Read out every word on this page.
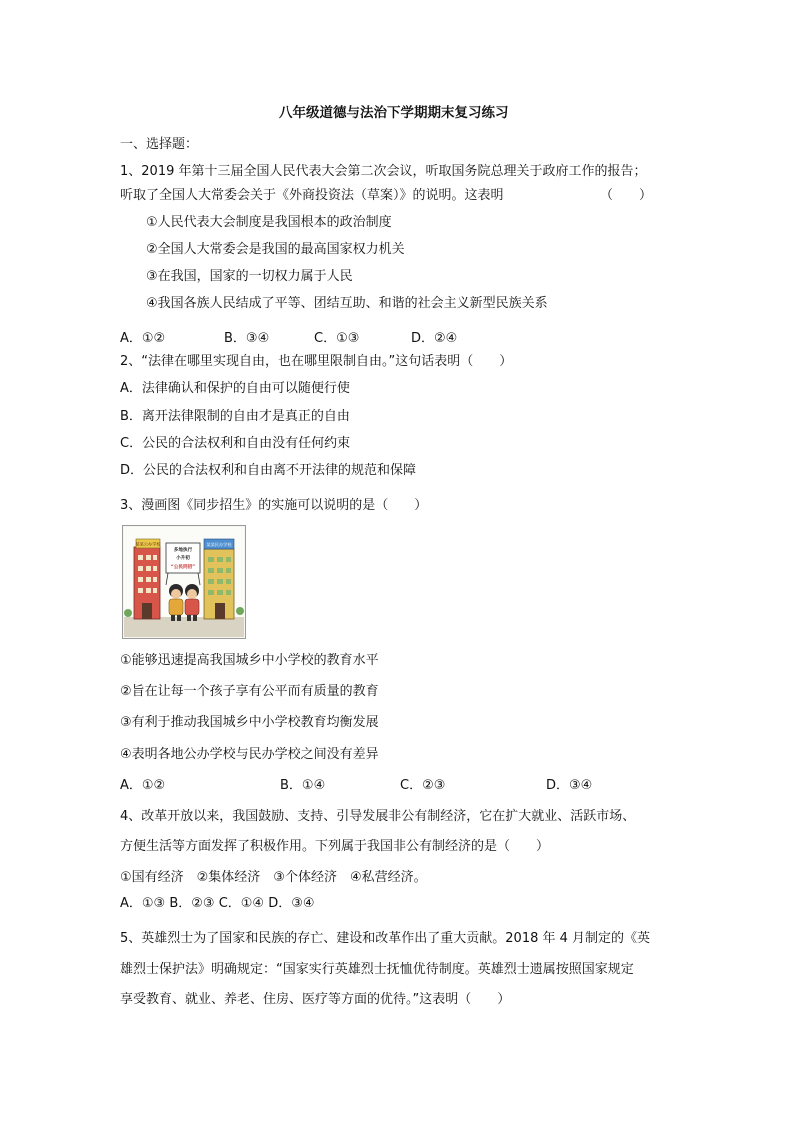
八年级道德与法治下学期期末复习练习
一、选择题：
1、2019 年第十三届全国人民代表大会第二次会议，听取国务院总理关于政府工作的报告；
听取了全国人大常委会关于《外商投资法（草案）》的说明。这表明	（　　）
①人民代表大会制度是我国根本的政治制度
②全国人大常委会是我国的最高国家权力机关
③在我国，国家的一切权力属于人民
④我国各族人民结成了平等、团结互助、和谐的社会主义新型民族关系
A．①②	B．③④	C．①③	D．②④
2、“法律在哪里实现自由，也在哪里限制自由。”这句话表明（　　）
A．法律确认和保护的自由可以随便行使
B．离开法律限制的自由才是真正的自由
C．公民的合法权利和自由没有任何约束
D．公民的合法权利和自由离不开法律的规范和保障
3、漫画图《同步招生》的实施可以说明的是（　　）
某某公办学校	某某民办学校
多地执行
小升初
“公民同招”
①能够迅速提高我国城乡中小学校的教育水平
②旨在让每一个孩子享有公平而有质量的教育
③有利于推动我国城乡中小学校教育均衡发展
④表明各地公办学校与民办学校之间没有差异
A．①②	B．①④	C．②③	D．③④
4、改革开放以来，我国鼓励、支持、引导发展非公有制经济，它在扩大就业、活跃市场、
方便生活等方面发挥了积极作用。下列属于我国非公有制经济的是（　　）
①国有经济　②集体经济　③个体经济　④私营经济。
A．①③ B．②③ C．①④ D．③④
5、英雄烈士为了国家和民族的存亡、建设和改革作出了重大贡献。2018 年 4 月制定的《英
雄烈士保护法》明确规定：“国家实行英雄烈士抚恤优待制度。英雄烈士遗属按照国家规定
享受教育、就业、养老、住房、医疗等方面的优待。”这表明（　　）
